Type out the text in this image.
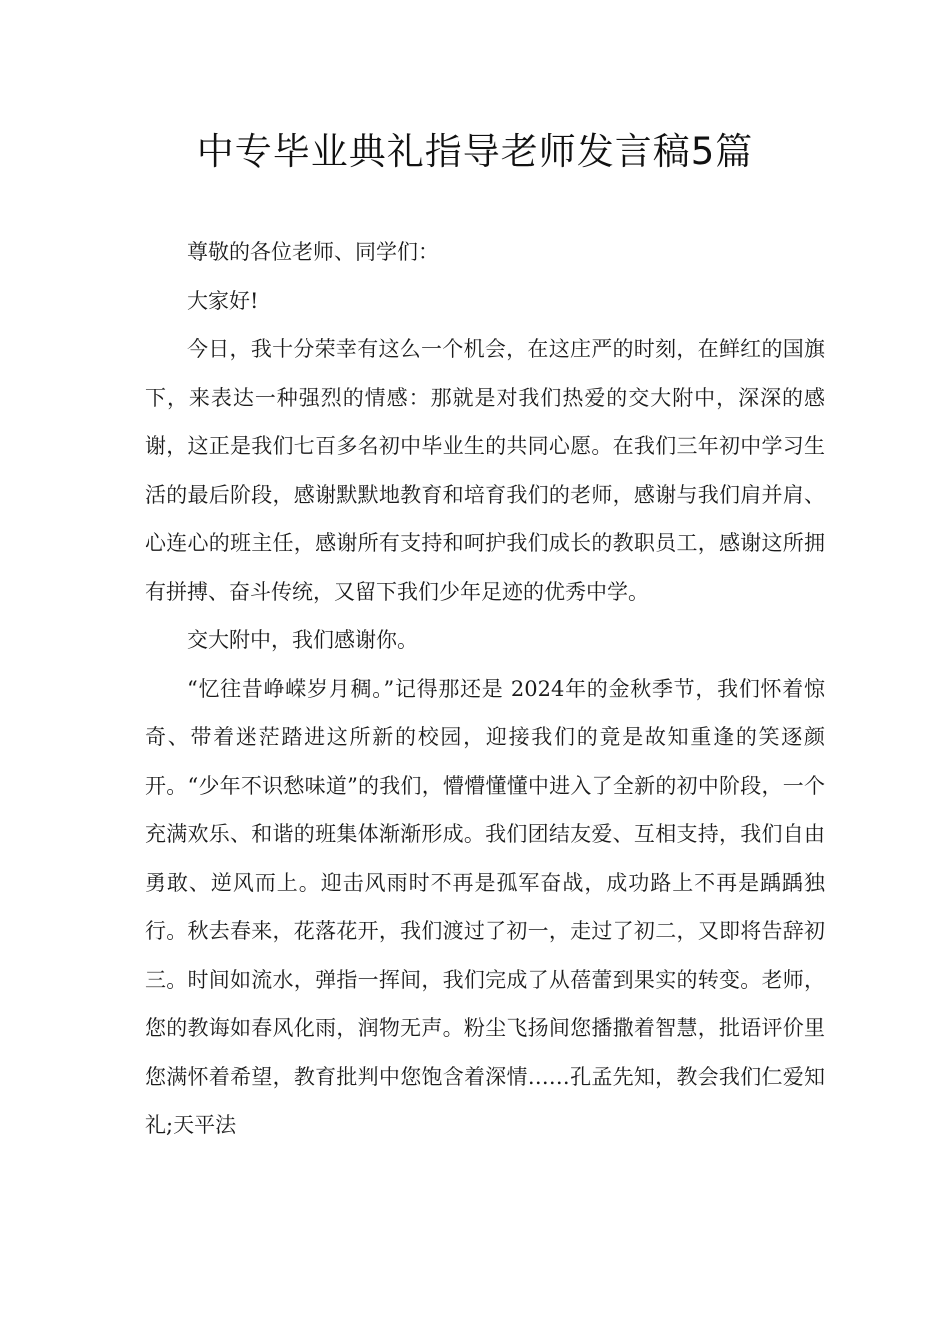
中专毕业典礼指导老师发言稿5篇

尊敬的各位老师、同学们：

大家好!

今日，我十分荣幸有这么一个机会，在这庄严的时刻，在鲜红的国旗下，来表达一种强烈的情感：那就是对我们热爱的交大附中，深深的感谢，这正是我们七百多名初中毕业生的共同心愿。在我们三年初中学习生活的最后阶段，感谢默默地教育和培育我们的老师，感谢与我们肩并肩、心连心的班主任，感谢所有支持和呵护我们成长的教职员工，感谢这所拥有拼搏、奋斗传统，又留下我们少年足迹的优秀中学。

交大附中，我们感谢你。

“忆往昔峥嵘岁月稠。”记得那还是 2024年的金秋季节，我们怀着惊奇、带着迷茫踏进这所新的校园，迎接我们的竟是故知重逢的笑逐颜开。“少年不识愁味道”的我们，懵懵懂懂中进入了全新的初中阶段，一个充满欢乐、和谐的班集体渐渐形成。我们团结友爱、互相支持，我们自由勇敢、逆风而上。迎击风雨时不再是孤军奋战，成功路上不再是踽踽独行。秋去春来，花落花开，我们渡过了初一，走过了初二，又即将告辞初三。时间如流水，弹指一挥间，我们完成了从蓓蕾到果实的转变。老师，您的教诲如春风化雨，润物无声。粉尘飞扬间您播撒着智慧，批语评价里您满怀着希望，教育批判中您饱含着深情……孔孟先知，教会我们仁爱知礼;天平法
